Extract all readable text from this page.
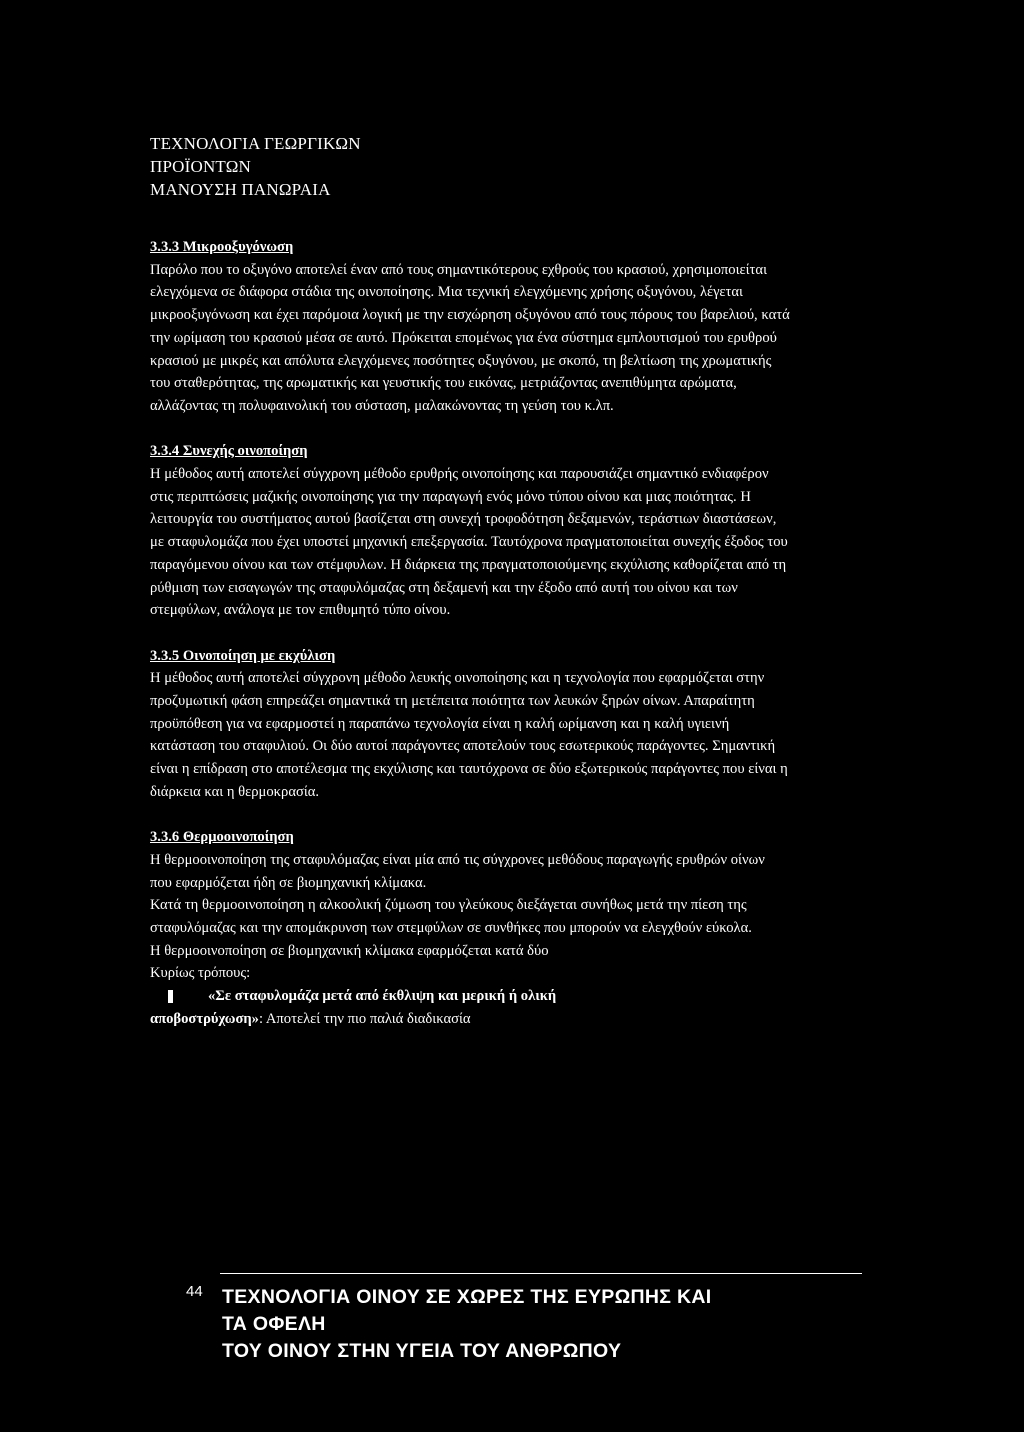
ΤΕΧΝΟΛΟΓΙΑ ΓΕΩΡΓΙΚΩΝ
ΠΡΟΪΟΝΤΩΝ
ΜΑΝΟΥΣΗ ΠΑΝΩΡΑΙΑ
3.3.3 Μικροοξυγόνωση
Παρόλο που το οξυγόνο αποτελεί έναν από τους σημαντικότερους εχθρούς του κρασιού, χρησιμοποιείται ελεγχόμενα σε διάφορα στάδια της οινοποίησης. Μια τεχνική ελεγχόμενης χρήσης οξυγόνου, λέγεται μικροοξυγόνωση και έχει παρόμοια λογική με την εισχώρηση οξυγόνου από τους πόρους του βαρελιού, κατά την ωρίμαση του κρασιού μέσα σε αυτό. Πρόκειται επομένως για ένα σύστημα εμπλουτισμού του ερυθρού κρασιού με μικρές και απόλυτα ελεγχόμενες ποσότητες οξυγόνου, με σκοπό, τη βελτίωση της χρωματικής του σταθερότητας, της αρωματικής και γευστικής του εικόνας, μετριάζοντας ανεπιθύμητα αρώματα, αλλάζοντας τη πολυφαινολική του σύσταση, μαλακώνοντας τη γεύση του κ.λπ.
3.3.4 Συνεχής οινοποίηση
Η μέθοδος αυτή αποτελεί σύγχρονη μέθοδο ερυθρής οινοποίησης και παρουσιάζει σημαντικό ενδιαφέρον στις περιπτώσεις μαζικής οινοποίησης για την παραγωγή ενός μόνο τύπου οίνου και μιας ποιότητας. Η λειτουργία του συστήματος αυτού βασίζεται στη συνεχή τροφοδότηση δεξαμενών, τεράστιων διαστάσεων, με σταφυλομάζα που έχει υποστεί μηχανική επεξεργασία. Ταυτόχρονα πραγματοποιείται συνεχής έξοδος του παραγόμενου οίνου και των στέμφυλων. Η διάρκεια της πραγματοποιούμενης εκχύλισης καθορίζεται από τη ρύθμιση των εισαγωγών της σταφυλόμαζας στη δεξαμενή και την έξοδο από αυτή του οίνου και των στεμφύλων, ανάλογα με τον επιθυμητό τύπο οίνου.
3.3.5 Οινοποίηση με εκχύλιση
Η μέθοδος αυτή αποτελεί σύγχρονη μέθοδο λευκής οινοποίησης και η τεχνολογία που εφαρμόζεται στην προζυμωτική φάση επηρεάζει σημαντικά τη μετέπειτα ποιότητα των λευκών ξηρών οίνων. Απαραίτητη προϋπόθεση για να εφαρμοστεί η παραπάνω τεχνολογία είναι η καλή ωρίμανση και η καλή υγιεινή κατάσταση του σταφυλιού. Οι δύο αυτοί παράγοντες αποτελούν τους εσωτερικούς παράγοντες. Σημαντική είναι η επίδραση στο αποτέλεσμα της εκχύλισης και ταυτόχρονα σε δύο εξωτερικούς παράγοντες που είναι η διάρκεια και η θερμοκρασία.
3.3.6 Θερμοοινοποίηση
Η θερμοοινοποίηση της σταφυλόμαζας είναι μία από τις σύγχρονες μεθόδους παραγωγής ερυθρών οίνων που εφαρμόζεται ήδη σε βιομηχανική κλίμακα.
Κατά τη θερμοοινοποίηση η αλκοολική ζύμωση του γλεύκους διεξάγεται συνήθως μετά την πίεση της σταφυλόμαζας και την απομάκρυνση των στεμφύλων σε συνθήκες που μπορούν να ελεγχθούν εύκολα.
Η θερμοοινοποίηση σε βιομηχανική κλίμακα εφαρμόζεται κατά δύο
Κυρίως τρόπους:
«Σε σταφυλομάζα μετά από έκθλιψη και μερική ή ολική
αποβοστρύχωση»: Αποτελεί την πιο παλιά διαδικασία
44 ΤΕΧΝΟΛΟΓΙΑ ΟΙΝΟΥ ΣΕ ΧΩΡΕΣ ΤΗΣ ΕΥΡΩΠΗΣ ΚΑΙ
ΤΑ ΟΦΕΛΗ
ΤΟΥ ΟΙΝΟΥ ΣΤΗΝ ΥΓΕΙΑ ΤΟΥ ΑΝΘΡΩΠΟΥ
